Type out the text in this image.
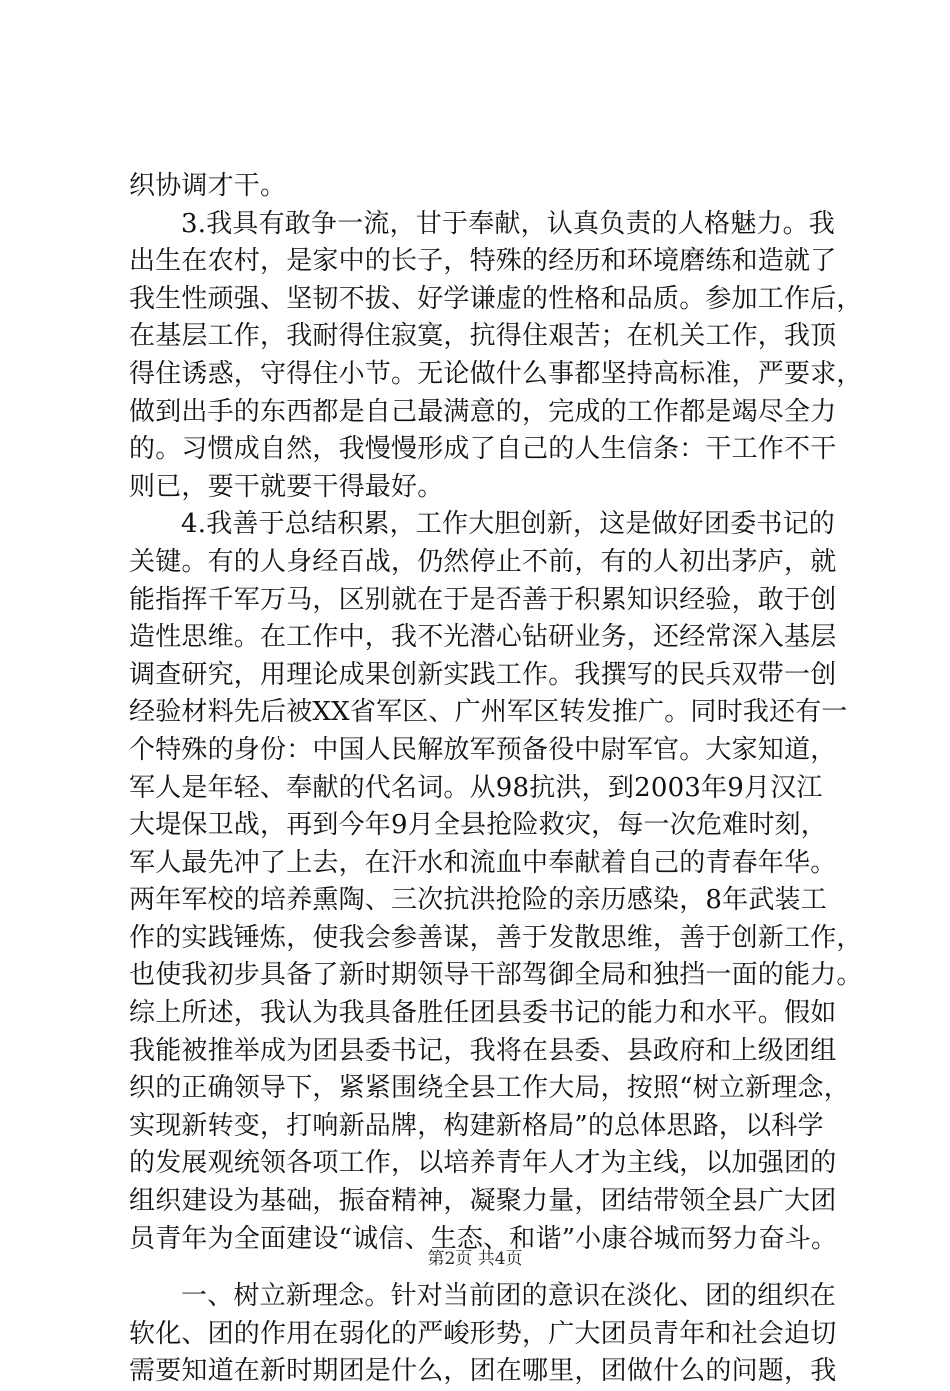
织协调才干。
3.我具有敢争一流，甘于奉献，认真负责的人格魅力。我
出生在农村，是家中的长子，特殊的经历和环境磨练和造就了
我生性顽强、坚韧不拔、好学谦虚的性格和品质。参加工作后，
在基层工作，我耐得住寂寞，抗得住艰苦；在机关工作，我顶
得住诱惑，守得住小节。无论做什么事都坚持高标准，严要求，
做到出手的东西都是自己最满意的，完成的工作都是竭尽全力
的。习惯成自然，我慢慢形成了自己的人生信条：干工作不干
则已，要干就要干得最好。
4.我善于总结积累，工作大胆创新，这是做好团委书记的
关键。有的人身经百战，仍然停止不前，有的人初出茅庐，就
能指挥千军万马，区别就在于是否善于积累知识经验，敢于创
造性思维。在工作中，我不光潜心钻研业务，还经常深入基层
调查研究，用理论成果创新实践工作。我撰写的民兵双带一创
经验材料先后被XX省军区、广州军区转发推广。同时我还有一
个特殊的身份：中国人民解放军预备役中尉军官。大家知道，
军人是年轻、奉献的代名词。从98抗洪，到2003年9月汉江
大堤保卫战，再到今年9月全县抢险救灾，每一次危难时刻，
军人最先冲了上去，在汗水和流血中奉献着自己的青春年华。
两年军校的培养熏陶、三次抗洪抢险的亲历感染，8年武装工
作的实践锤炼，使我会参善谋，善于发散思维，善于创新工作，
也使我初步具备了新时期领导干部驾御全局和独挡一面的能力。
综上所述，我认为我具备胜任团县委书记的能力和水平。假如
我能被推举成为团县委书记，我将在县委、县政府和上级团组
织的正确领导下，紧紧围绕全县工作大局，按照“树立新理念，
实现新转变，打响新品牌，构建新格局”的总体思路，以科学
的发展观统领各项工作，以培养青年人才为主线，以加强团的
组织建设为基础，振奋精神，凝聚力量，团结带领全县广大团
员青年为全面建设“诚信、生态、和谐”小康谷城而努力奋斗。
一、树立新理念。针对当前团的意识在淡化、团的组织在
软化、团的作用在弱化的严峻形势，广大团员青年和社会迫切
需要知道在新时期团是什么，团在哪里，团做什么的问题，我
第2页 共4页
